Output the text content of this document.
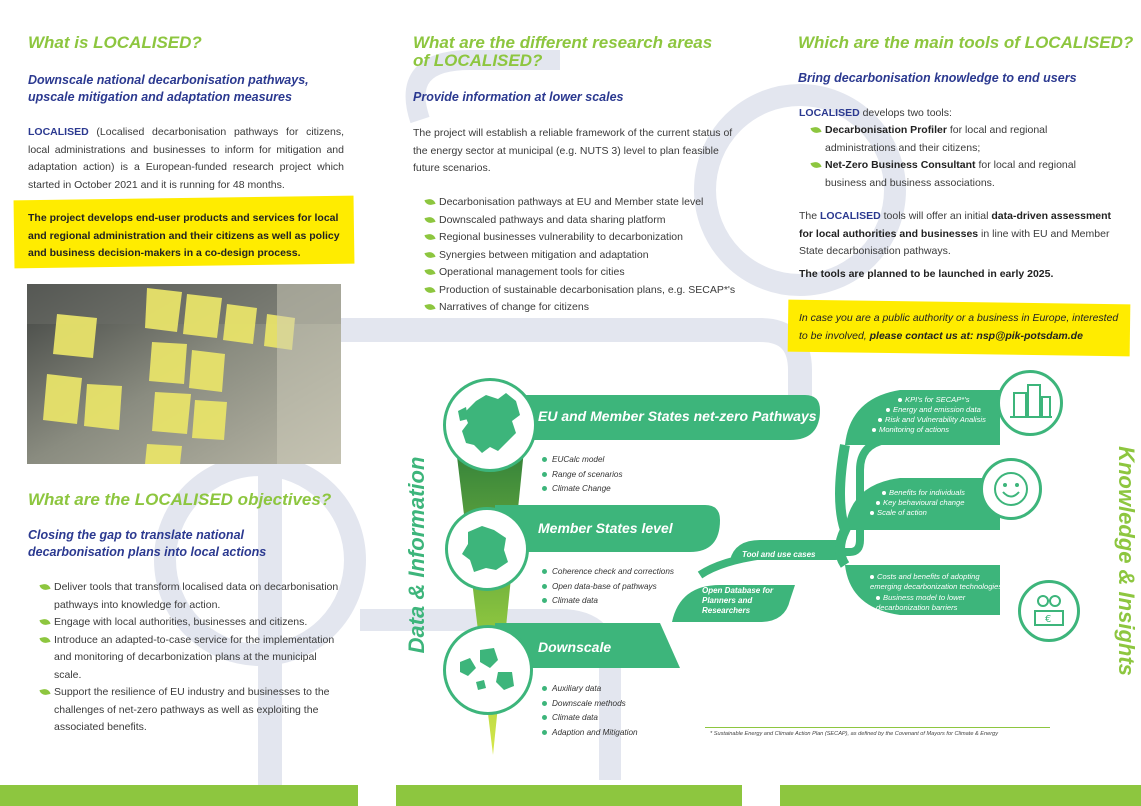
What is LOCALISED?
Downscale national decarbonisation pathways, upscale mitigation and adaptation measures
LOCALISED (Localised decarbonisation pathways for citizens, local administrations and businesses to inform for mitigation and adaptation action) is a European-funded research project which started in October 2021 and it is running for 48 months.
The project develops end-user products and services for local and regional administration and their citizens as well as policy and business decision-makers in a co-design process.
What are the LOCALISED objectives?
Closing the gap to translate national decarbonisation plans into local actions
Deliver tools that transform localised data on decarbonisation pathways into knowledge for action.
Engage with local authorities, businesses and citizens.
Introduce an adapted-to-case service for the implementation and monitoring of decarbonization plans at the municipal scale.
Support the resilience of EU industry and businesses to the challenges of net-zero pathways as well as exploiting the associated benefits.
What are the different research areas
of LOCALISED?
Provide information at lower scales
The project will establish a reliable framework of the current status of the energy sector at municipal (e.g. NUTS 3) level to plan feasible future scenarios.
Decarbonisation pathways at EU and Member state level
Downscaled pathways and data sharing platform
Regional businesses vulnerability to decarbonization
Synergies between mitigation and adaptation
Operational management tools for cities
Production of sustainable decarbonisation plans, e.g. SECAP*'s
Narratives of change for citizens
Which are the main tools of LOCALISED?
Bring decarbonisation knowledge to end users
LOCALISED develops two tools:
Decarbonisation Profiler for local and regional administrations and their citizens;
Net-Zero Business Consultant for local and regional business and business associations.
The LOCALISED tools will offer an initial data-driven assessment for local authorities and businesses in line with EU and Member State decarbonisation pathways.
The tools are planned to be launched in early 2025.
In case you are a public authority or a business in Europe, interested to be involved, please contact us at: nsp@pik-potsdam.de
Data & Information	Knowledge & Insights
€
EU and Member States net-zero Pathways
Member States level
Downscale
EUCalc model
Range of scenarios
Climate Change
Coherence check and corrections
Open data-base of pathways
Climate data
Auxiliary data
Downscale methods
Climate data
Adaption and Mitigation
Tool and use cases
Open Database for Planners and Researchers
KPI's for SECAP*'s
Energy and emission data
Risk and Vulnerability Analisis
Monitoring of actions
Benefits for individuals
Key behavioural change
Scale of action
Costs and benefits of adopting emerging decarbonization technologies
Business model to lower decarbonization barriers
* Sustainable Energy and Climate Action Plan (SECAP), as defined by the Covenant of Mayors for Climate & Energy
